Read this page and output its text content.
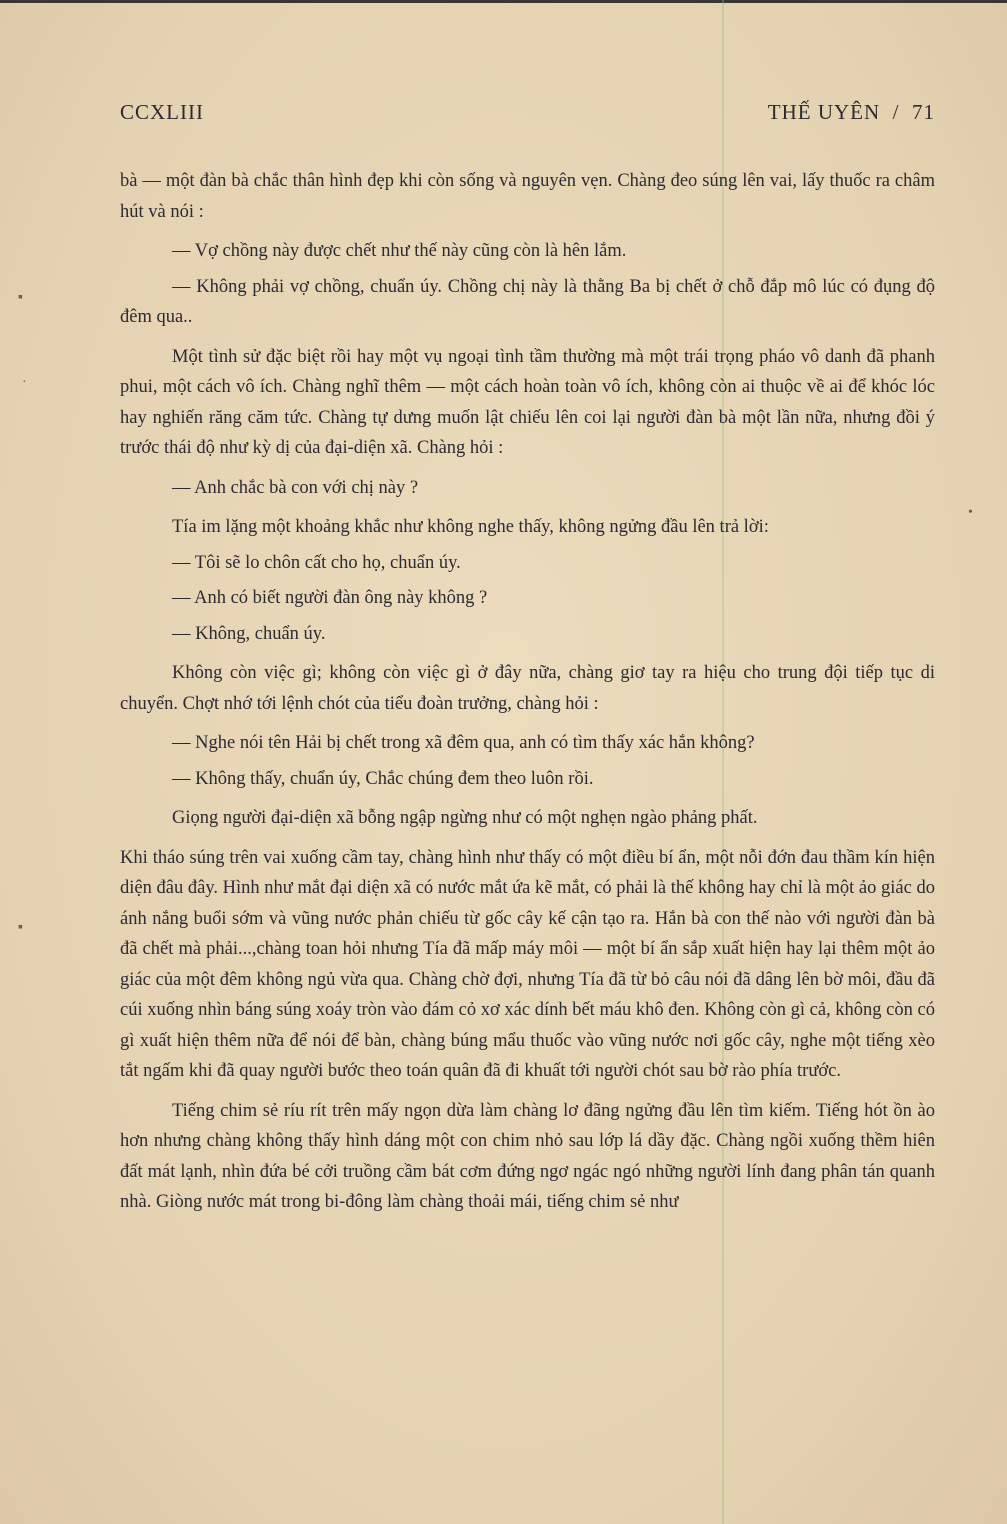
CCXLIII	THẾ UYÊN  /  71

bà — một đàn bà chắc thân hình đẹp khi còn sống và nguyên vẹn. Chàng đeo súng lên vai, lấy thuốc ra châm hút và nói :

— Vợ chồng này được chết như thế này cũng còn là hên lắm.

— Không phải vợ chồng, chuẩn úy. Chồng chị này là thằng Ba bị chết ở chỗ đắp mô lúc có đụng độ đêm qua..

Một tình sử đặc biệt rồi hay một vụ ngoại tình tầm thường mà một trái trọng pháo vô danh đã phanh phui, một cách vô ích. Chàng nghĩ thêm — một cách hoàn toàn vô ích, không còn ai thuộc về ai để khóc lóc hay nghiến răng căm tức. Chàng tự dưng muốn lật chiếu lên coi lại người đàn bà một lần nữa, nhưng đồi ý trước thái độ như kỳ dị của đại-diện xã. Chàng hỏi :

— Anh chắc bà con với chị này ?

Tía im lặng một khoảng khắc như không nghe thấy, không ngửng đầu lên trả lời:

— Tôi sẽ lo chôn cất cho họ, chuẩn úy.

— Anh có biết người đàn ông này không ?

— Không, chuẩn úy.

Không còn việc gì; không còn việc gì ở đây nữa, chàng giơ tay ra hiệu cho trung đội tiếp tục di chuyển. Chợt nhớ tới lệnh chót của tiểu đoàn trưởng, chàng hỏi :

— Nghe nói tên Hải bị chết trong xã đêm qua, anh có tìm thấy xác hắn không?

— Không thấy, chuẩn úy, Chắc chúng đem theo luôn rồi.

Giọng người đại-diện xã bỗng ngập ngừng như có một nghẹn ngào phảng phất.

Khi tháo súng trên vai xuống cầm tay, chàng hình như thấy có một điều bí ẩn, một nỗi đớn đau thầm kín hiện diện đâu đây. Hình như mắt đại diện xã có nước mắt ứa kẽ mắt, có phải là thế không hay chỉ là một ảo giác do ánh nắng buổi sớm và vũng nước phản chiếu từ gốc cây kế cận tạo ra. Hắn bà con thế nào với người đàn bà đã chết mà phải...,chàng toan hỏi nhưng Tía đã mấp máy môi — một bí ẩn sắp xuất hiện hay lại thêm một ảo giác của một đêm không ngủ vừa qua. Chàng chờ đợi, nhưng Tía đã từ bỏ câu nói đã dâng lên bờ môi, đầu đã cúi xuống nhìn báng súng xoáy tròn vào đám cỏ xơ xác dính bết máu khô đen. Không còn gì cả, không còn có gì xuất hiện thêm nữa để nói để bàn, chàng búng mẩu thuốc vào vũng nước nơi gốc cây, nghe một tiếng xèo tắt ngấm khi đã quay người bước theo toán quân đã đi khuất tới người chót sau bờ rào phía trước.

Tiếng chim sẻ ríu rít trên mấy ngọn dừa làm chàng lơ đãng ngửng đầu lên tìm kiếm. Tiếng hót ồn ào hơn nhưng chàng không thấy hình dáng một con chim nhỏ sau lớp lá dầy đặc. Chàng ngồi xuống thềm hiên đất mát lạnh, nhìn đứa bé cởi truồng cầm bát cơm đứng ngơ ngác ngó những người lính đang phân tán quanh nhà. Giòng nước mát trong bi-đông làm chàng thoải mái, tiếng chim sẻ như

▪
·
▪
•
